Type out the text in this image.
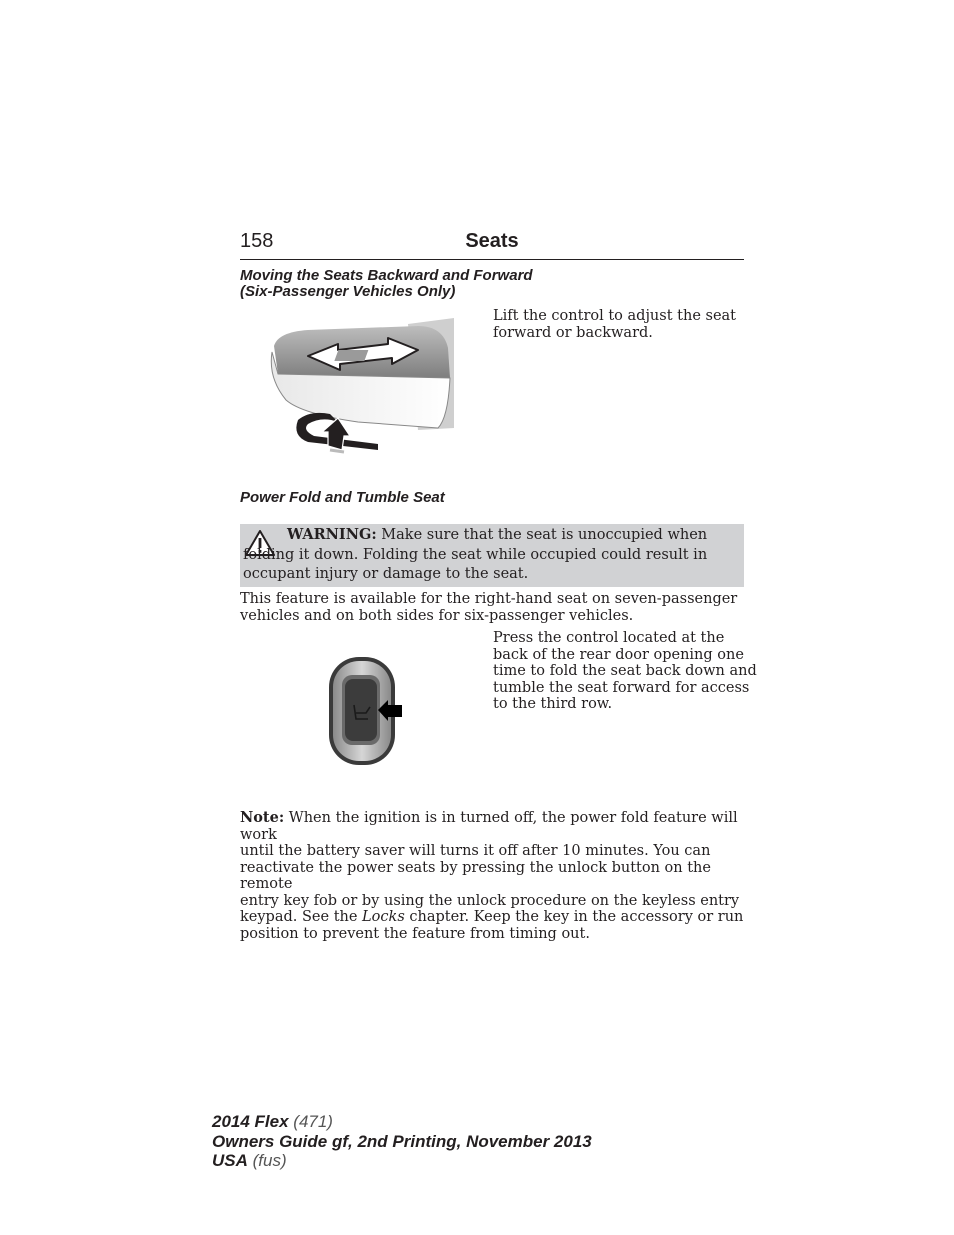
158	Seats
Moving the Seats Backward and Forward
(Six-Passenger Vehicles Only)
Lift the control to adjust the seat
forward or backward.
Power Fold and Tumble Seat
WARNING: Make sure that the seat is unoccupied when folding it down. Folding the seat while occupied could result in occupant injury or damage to the seat.
This feature is available for the right-hand seat on seven-passenger
vehicles and on both sides for six-passenger vehicles.
Press the control located at the
back of the rear door opening one
time to fold the seat back down and
tumble the seat forward for access
to the third row.
Note: When the ignition is in turned off, the power fold feature will work
until the battery saver will turns it off after 10 minutes. You can
reactivate the power seats by pressing the unlock button on the remote
entry key fob or by using the unlock procedure on the keyless entry
keypad. See the Locks chapter. Keep the key in the accessory or run
position to prevent the feature from timing out.
2014 Flex (471)
Owners Guide gf, 2nd Printing, November 2013
USA (fus)
